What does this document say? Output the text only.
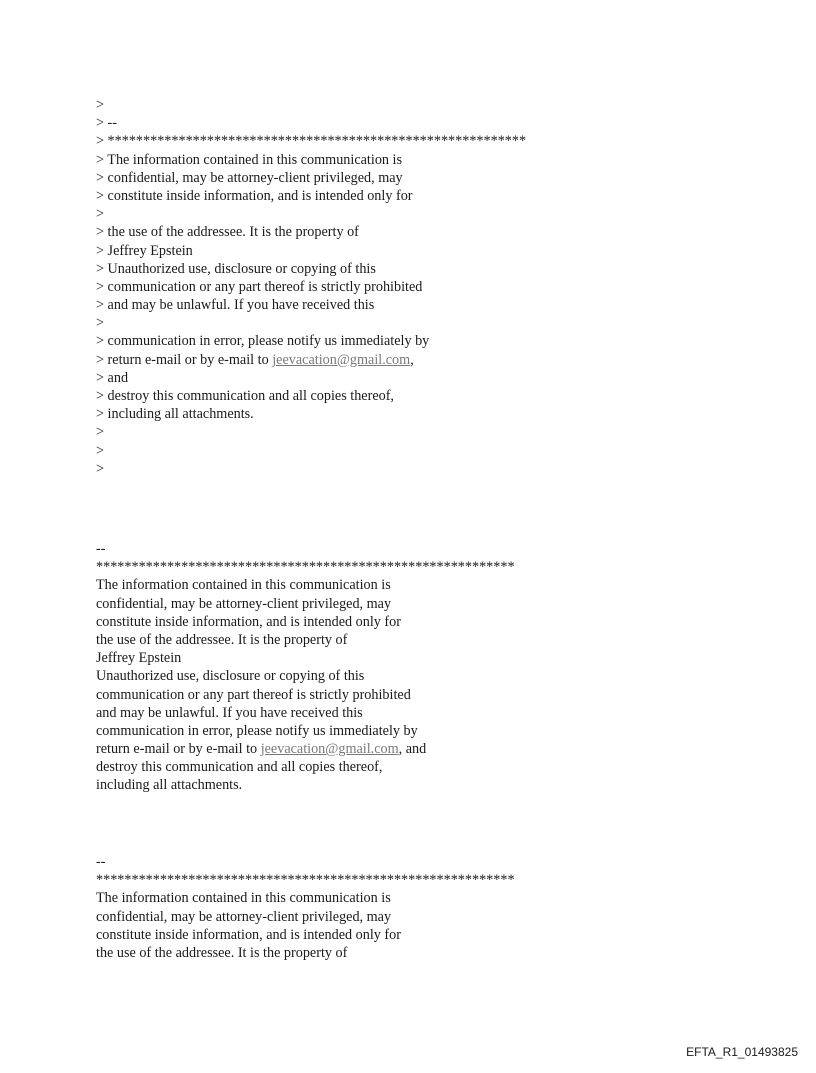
>
> --
> ***********************************************************
> The information contained in this communication is
> confidential, may be attorney-client privileged, may
> constitute inside information, and is intended only for
>
> the use of the addressee. It is the property of
> Jeffrey Epstein
> Unauthorized use, disclosure or copying of this
> communication or any part thereof is strictly prohibited
> and may be unlawful. If you have received this
>
> communication in error, please notify us immediately by
> return e-mail or by e-mail to jeevacation@gmail.com,
> and
> destroy this communication and all copies thereof,
> including all attachments.
>
>
>
--
***********************************************************
The information contained in this communication is
confidential, may be attorney-client privileged, may
constitute inside information, and is intended only for
the use of the addressee. It is the property of
Jeffrey Epstein
Unauthorized use, disclosure or copying of this
communication or any part thereof is strictly prohibited
and may be unlawful. If you have received this
communication in error, please notify us immediately by
return e-mail or by e-mail to jeevacation@gmail.com, and
destroy this communication and all copies thereof,
including all attachments.
--
***********************************************************
The information contained in this communication is
confidential, may be attorney-client privileged, may
constitute inside information, and is intended only for
the use of the addressee. It is the property of
EFTA_R1_01493825
